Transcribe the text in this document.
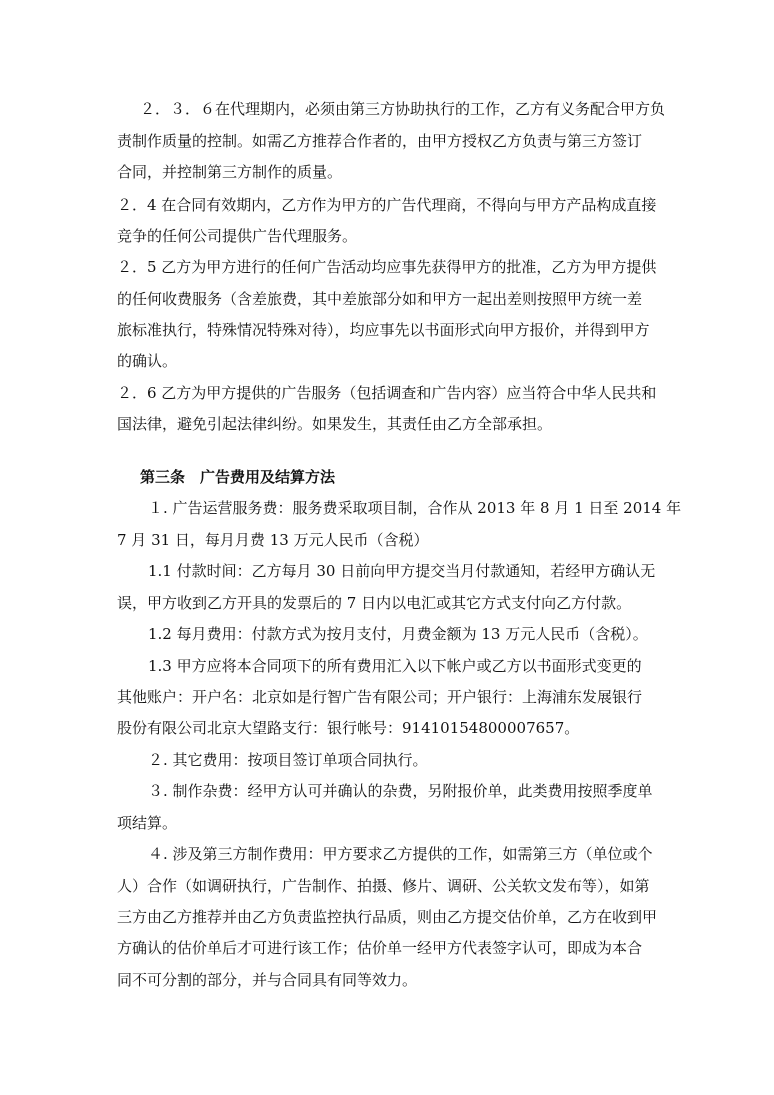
２．３．６在代理期内，必须由第三方协助执行的工作，乙方有义务配合甲方负

责制作质量的控制。如需乙方推荐合作者的，由甲方授权乙方负责与第三方签订

合同，并控制第三方制作的质量。

２．4 在合同有效期内，乙方作为甲方的广告代理商，不得向与甲方产品构成直接

竞争的任何公司提供广告代理服务。

２．5 乙方为甲方进行的任何广告活动均应事先获得甲方的批准，乙方为甲方提供

的任何收费服务（含差旅费，其中差旅部分如和甲方一起出差则按照甲方统一差

旅标准执行，特殊情况特殊对待），均应事先以书面形式向甲方报价，并得到甲方

的确认。

２．6 乙方为甲方提供的广告服务（包括调查和广告内容）应当符合中华人民共和

国法律，避免引起法律纠纷。如果发生，其责任由乙方全部承担。

第三条　广告费用及结算方法

１. 广告运营服务费：服务费采取项目制，合作从 2013 年 8 月 1 日至 2014 年

7 月 31 日，每月月费 13 万元人民币（含税）

1.1 付款时间：乙方每月 30 日前向甲方提交当月付款通知，若经甲方确认无

误，甲方收到乙方开具的发票后的 7 日内以电汇或其它方式支付向乙方付款。

1.2 每月费用：付款方式为按月支付，月费金额为 13 万元人民币（含税）。

1.3 甲方应将本合同项下的所有费用汇入以下帐户或乙方以书面形式变更的

其他账户：开户名：北京如是行智广告有限公司；开户银行：上海浦东发展银行

股份有限公司北京大望路支行：银行帐号：91410154800007657。

２. 其它费用：按项目签订单项合同执行。

３. 制作杂费：经甲方认可并确认的杂费，另附报价单，此类费用按照季度单

项结算。

４. 涉及第三方制作费用：甲方要求乙方提供的工作，如需第三方（单位或个

人）合作（如调研执行，广告制作、拍摄、修片、调研、公关软文发布等），如第

三方由乙方推荐并由乙方负责监控执行品质，则由乙方提交估价单，乙方在收到甲

方确认的估价单后才可进行该工作；估价单一经甲方代表签字认可，即成为本合

同不可分割的部分，并与合同具有同等效力。
